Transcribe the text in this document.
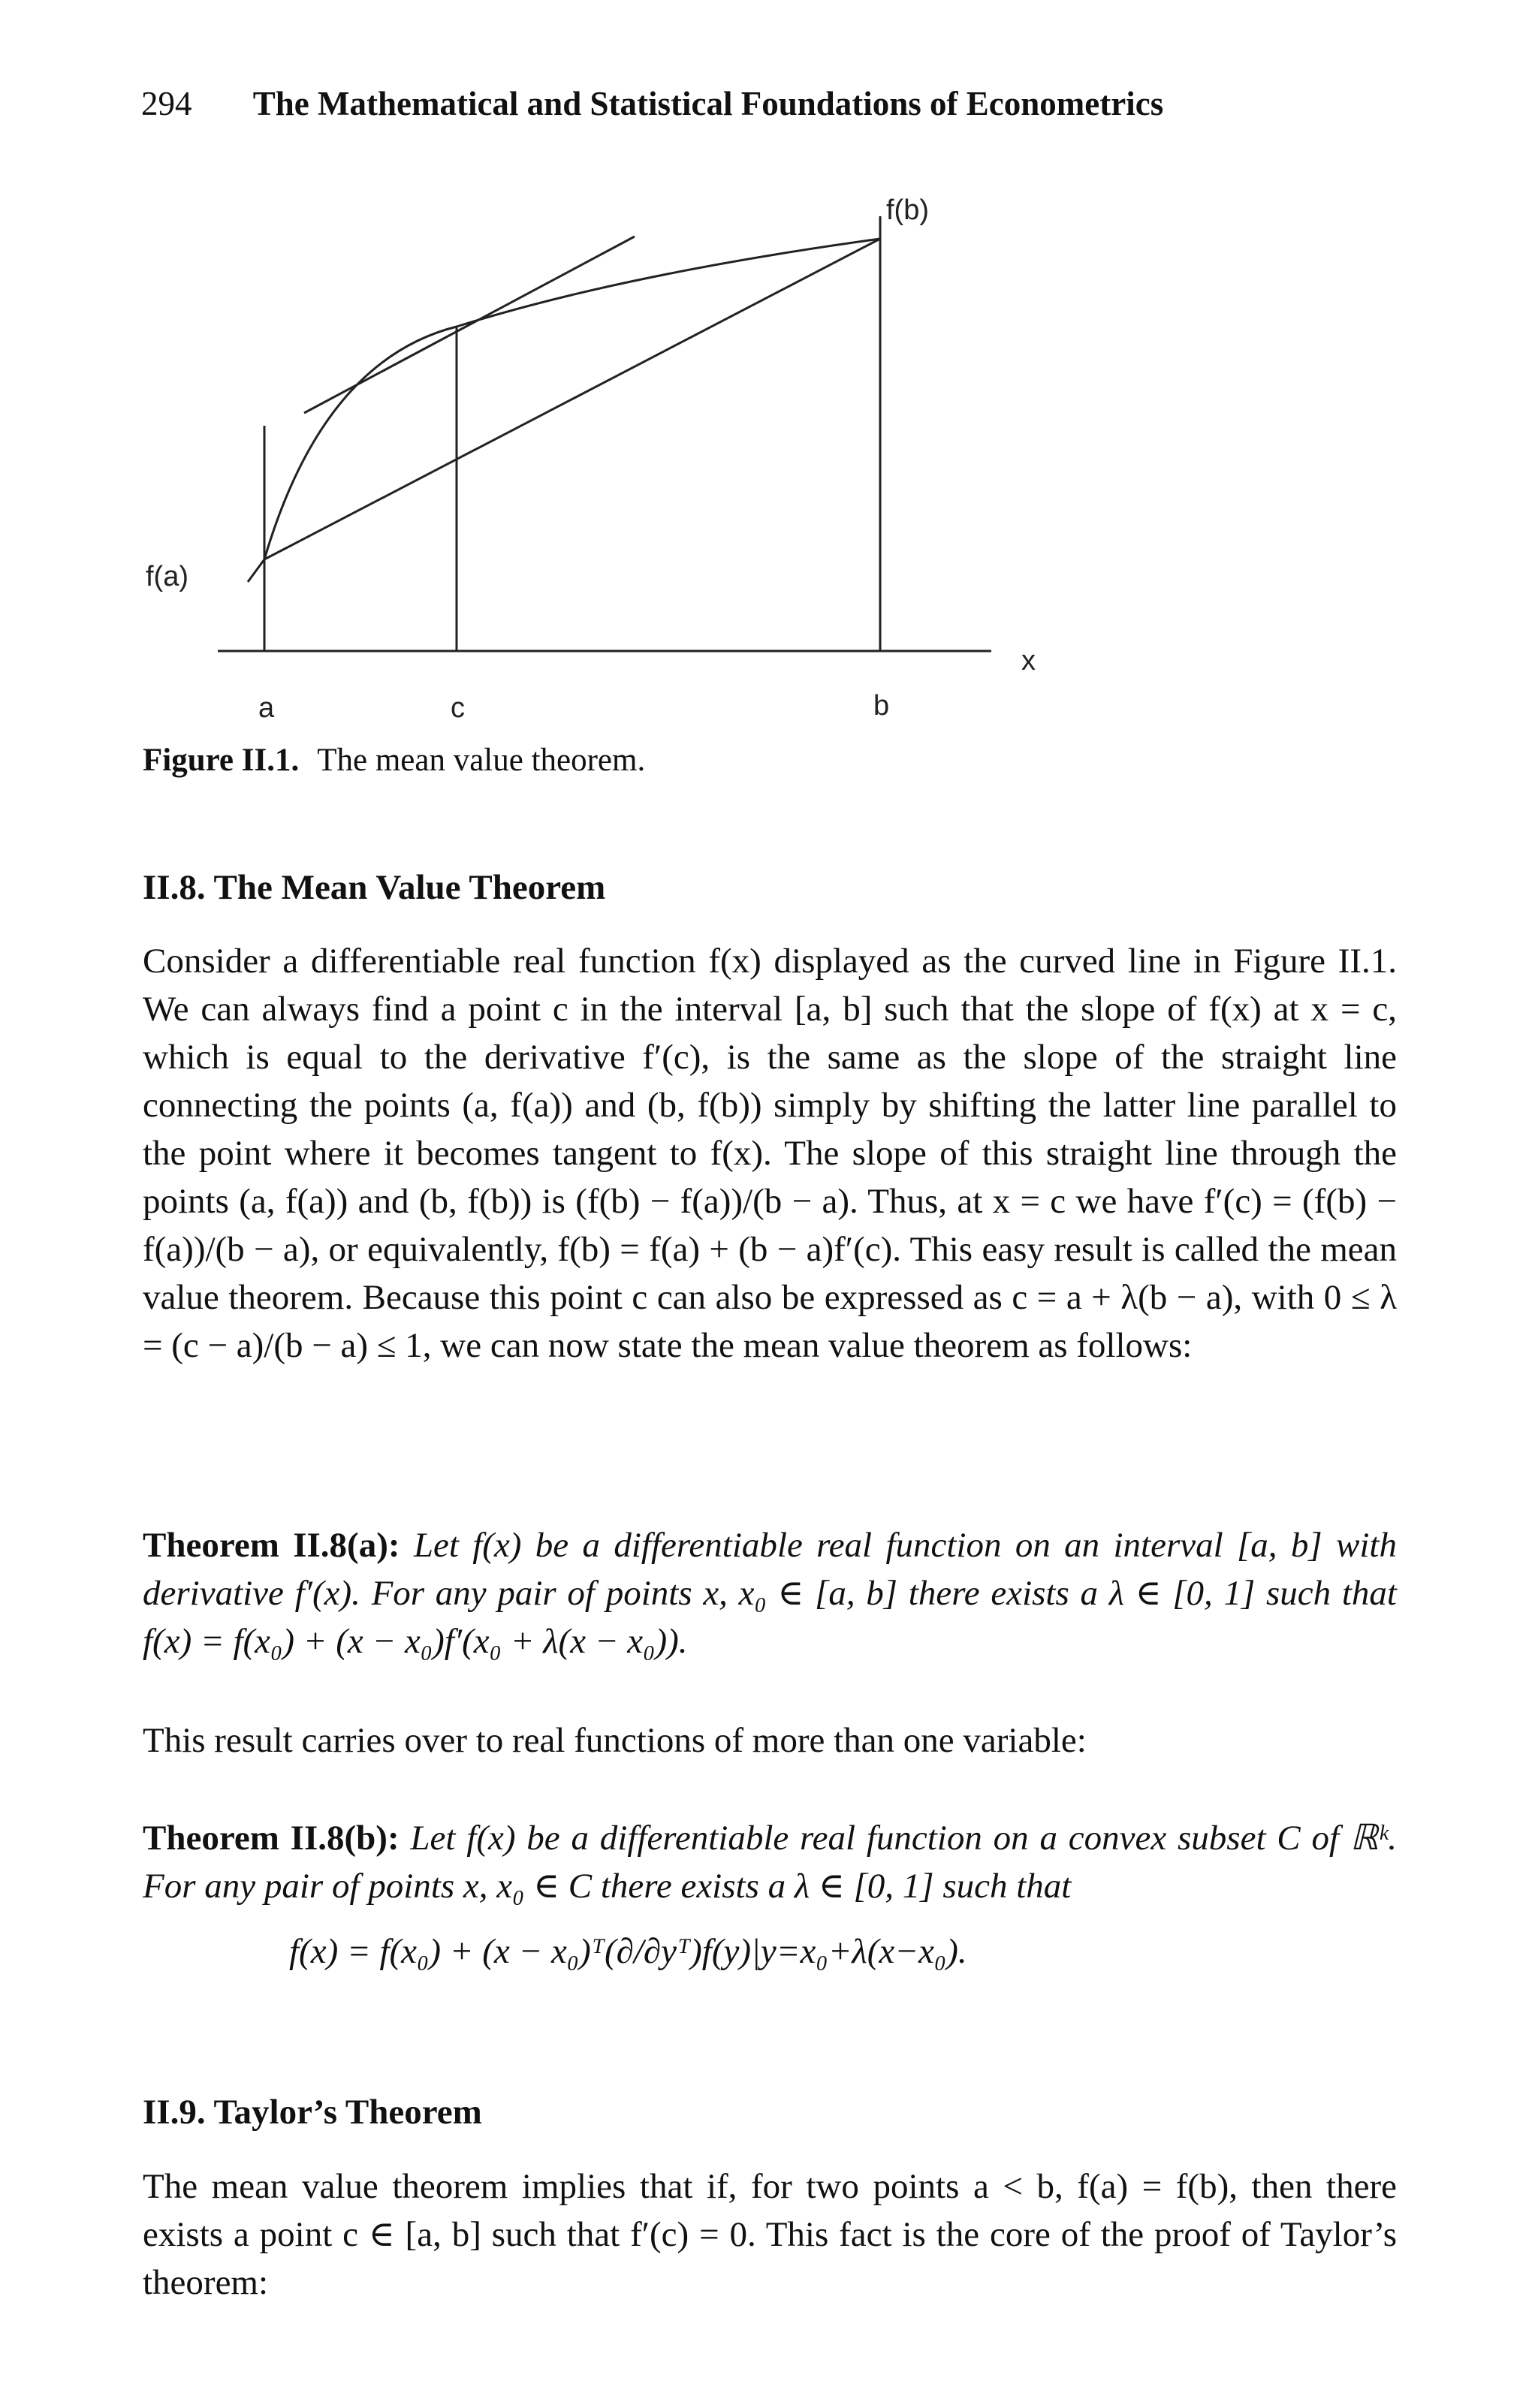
294 The Mathematical and Statistical Foundations of Econometrics
f(b)
f(a)
x
a	c	b
Figure II.1. The mean value theorem.
II.8. The Mean Value Theorem
Consider a differentiable real function f(x) displayed as the curved line in Figure II.1. We can always find a point c in the interval [a, b] such that the slope of f(x) at x = c, which is equal to the derivative f′(c), is the same as the slope of the straight line connecting the points (a, f(a)) and (b, f(b)) simply by shifting the latter line parallel to the point where it becomes tangent to f(x). The slope of this straight line through the points (a, f(a)) and (b, f(b)) is (f(b) − f(a))/(b − a). Thus, at x = c we have f′(c) = (f(b) − f(a))/(b − a), or equivalently, f(b) = f(a) + (b − a)f′(c). This easy result is called the mean value theorem. Because this point c can also be expressed as c = a + λ(b − a), with 0 ≤ λ = (c − a)/(b − a) ≤ 1, we can now state the mean value theorem as follows:
Theorem II.8(a): Let f(x) be a differentiable real function on an interval [a, b] with derivative f′(x). For any pair of points x, x₀ ∈ [a, b] there exists a λ ∈ [0, 1] such that f(x) = f(x₀) + (x − x₀)f′(x₀ + λ(x − x₀)).
This result carries over to real functions of more than one variable:
Theorem II.8(b): Let f(x) be a differentiable real function on a convex subset C of ℝᵏ. For any pair of points x, x₀ ∈ C there exists a λ ∈ [0, 1] such that
f(x) = f(x₀) + (x − x₀)ᵀ(∂/∂yᵀ)f(y)|y=x₀+λ(x−x₀).
II.9. Taylor’s Theorem
The mean value theorem implies that if, for two points a < b, f(a) = f(b), then there exists a point c ∈ [a, b] such that f′(c) = 0. This fact is the core of the proof of Taylor’s theorem:
